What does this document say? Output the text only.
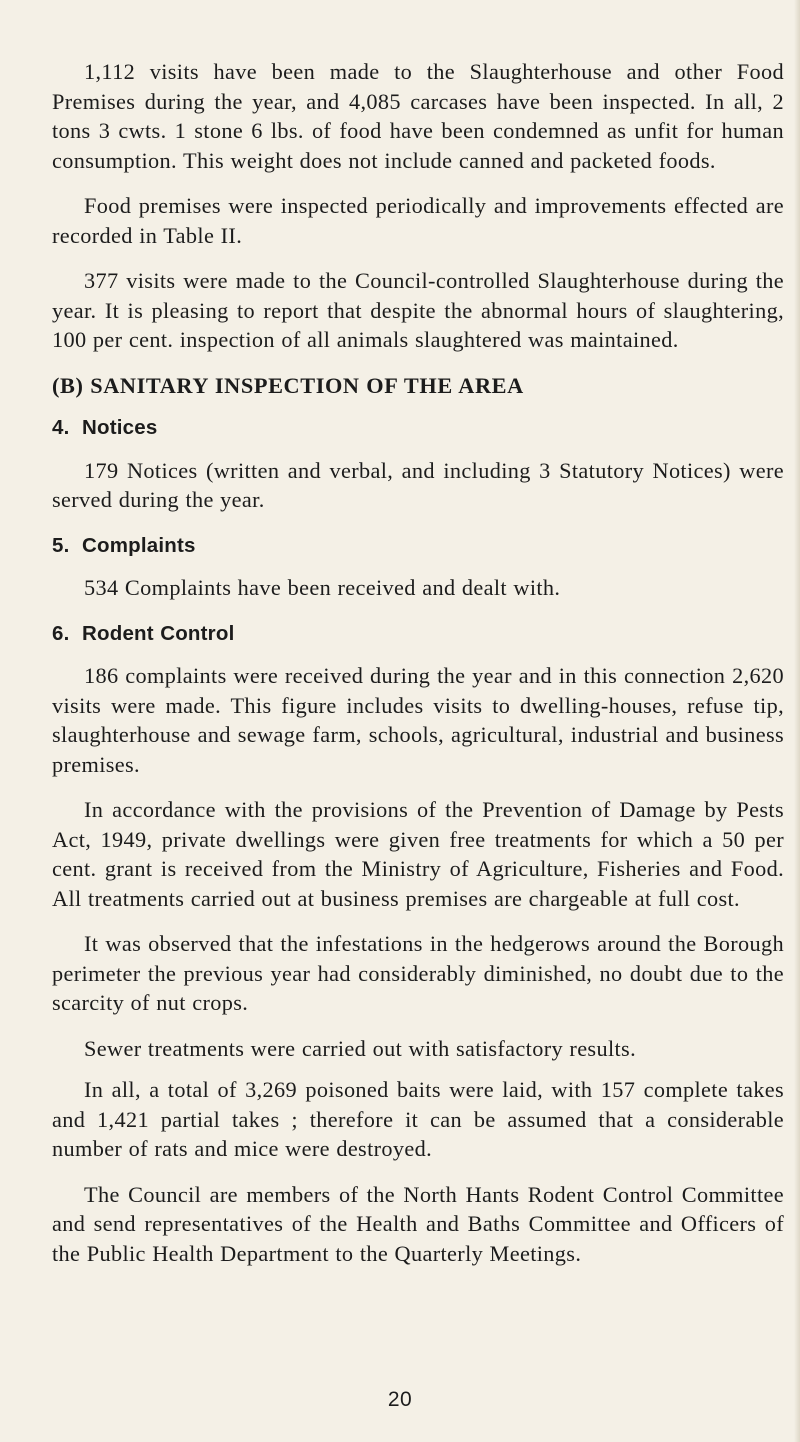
1,112 visits have been made to the Slaughterhouse and other Food Premises during the year, and 4,085 carcases have been inspected. In all, 2 tons 3 cwts. 1 stone 6 lbs. of food have been condemned as unfit for human consumption. This weight does not include canned and packeted foods.

Food premises were inspected periodically and improvements effected are recorded in Table II.

377 visits were made to the Council-controlled Slaughterhouse during the year. It is pleasing to report that despite the abnormal hours of slaughtering, 100 per cent. inspection of all animals slaughtered was maintained.

(B) SANITARY INSPECTION OF THE AREA
4. Notices

179 Notices (written and verbal, and including 3 Statutory Notices) were served during the year.

5. Complaints

534 Complaints have been received and dealt with.

6. Rodent Control

186 complaints were received during the year and in this connection 2,620 visits were made. This figure includes visits to dwelling-houses, refuse tip, slaughterhouse and sewage farm, schools, agricultural, industrial and business premises.

In accordance with the provisions of the Prevention of Damage by Pests Act, 1949, private dwellings were given free treatments for which a 50 per cent. grant is received from the Ministry of Agriculture, Fisheries and Food. All treatments carried out at business premises are chargeable at full cost.

It was observed that the infestations in the hedgerows around the Borough perimeter the previous year had considerably diminished, no doubt due to the scarcity of nut crops.

Sewer treatments were carried out with satisfactory results.

In all, a total of 3,269 poisoned baits were laid, with 157 complete takes and 1,421 partial takes ; therefore it can be assumed that a considerable number of rats and mice were destroyed.

The Council are members of the North Hants Rodent Control Committee and send representatives of the Health and Baths Committee and Officers of the Public Health Department to the Quarterly Meetings.

20
